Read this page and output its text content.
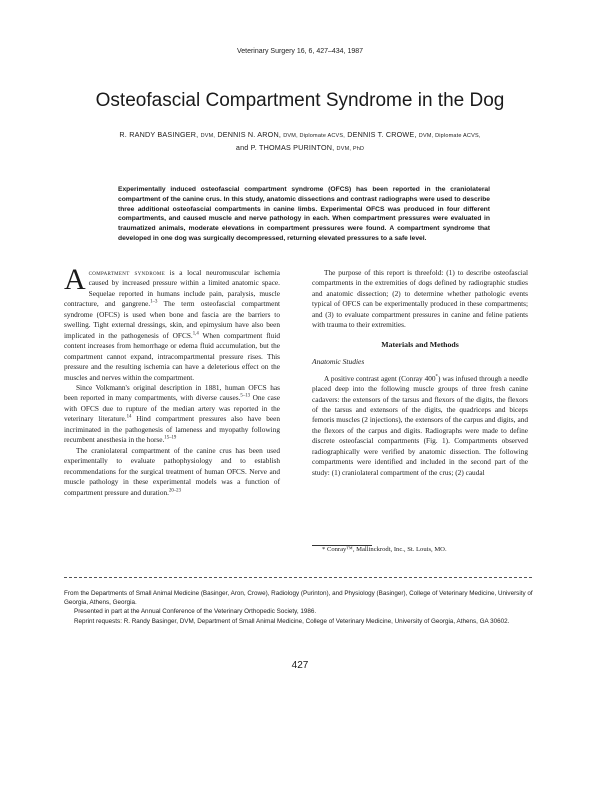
Veterinary Surgery 16, 6, 427–434, 1987
Osteofascial Compartment Syndrome in the Dog
R. RANDY BASINGER, DVM, DENNIS N. ARON, DVM, Diplomate ACVS, DENNIS T. CROWE, DVM, Diplomate ACVS,
and P. THOMAS PURINTON, DVM, PhD

Experimentally induced osteofascial compartment syndrome (OFCS) has been reported in the craniolateral compartment of the canine crus. In this study, anatomic dissections and contrast radiographs were used to describe three additional osteofascial compartments in canine limbs. Experimental OFCS was produced in four different compartments, and caused muscle and nerve pathology in each. When compartment pressures were evaluated in traumatized animals, moderate elevations in compartment pressures were found. A compartment syndrome that developed in one dog was surgically decompressed, returning elevated pressures to a safe level.

Acompartment syndrome is a local neuromuscular ischemia caused by increased pressure within a limited anatomic space. Sequelae reported in humans include pain, paralysis, muscle contracture, and gangrene.$^{1-3}$ The term osteofascial compartment syndrome (OFCS) is used when bone and fascia are the barriers to swelling. Tight external dressings, skin, and epimysium have also been implicated in the pathogenesis of OFCS.$^{1,4}$ When compartment fluid content increases from hemorrhage or edema fluid accumulation, but the compartment cannot expand, intracompartmental pressure rises. This pressure and the resulting ischemia can have a deleterious effect on the muscles and nerves within the compartment.

Since Volkmann's original description in 1881, human OFCS has been reported in many compartments, with diverse causes.$^{5-13}$ One case with OFCS due to rupture of the median artery was reported in the veterinary literature.$^{14}$ Hind compartment pressures also have been incriminated in the pathogenesis of lameness and myopathy following recumbent anesthesia in the horse.$^{15-19}$

The craniolateral compartment of the canine crus has been used experimentally to evaluate pathophysiology and to establish recommendations for the surgical treatment of human OFCS. Nerve and muscle pathology in these experimental models was a function of compartment pressure and duration.$^{20-23}$

The purpose of this report is threefold: (1) to describe osteofascial compartments in the extremities of dogs defined by radiographic studies and anatomic dissection; (2) to determine whether pathologic events typical of OFCS can be experimentally produced in these compartments; and (3) to evaluate compartment pressures in canine and feline patients with trauma to their extremities.

Materials and Methods
Anatomic Studies

A positive contrast agent (Conray 400*) was infused through a needle placed deep into the following muscle groups of three fresh canine cadavers: the extensors of the tarsus and flexors of the digits, the flexors of the tarsus and extensors of the digits, the quadriceps and biceps femoris muscles (2 injections), the extensors of the carpus and digits, and the flexors of the carpus and digits. Radiographs were made to define discrete osteofascial compartments (Fig. 1). Compartments observed radiographically were verified by anatomic dissection. The following compartments were identified and included in the second part of the study: (1) craniolateral compartment of the crus; (2) caudal

* Conray™, Mallinckrodt, Inc., St. Louis, MO.

From the Departments of Small Animal Medicine (Basinger, Aron, Crowe), Radiology (Purinton), and Physiology (Basinger), College of Veterinary Medicine, University of Georgia, Athens, Georgia.

Presented in part at the Annual Conference of the Veterinary Orthopedic Society, 1986.

Reprint requests: R. Randy Basinger, DVM, Department of Small Animal Medicine, College of Veterinary Medicine, University of Georgia, Athens, GA 30602.

427
